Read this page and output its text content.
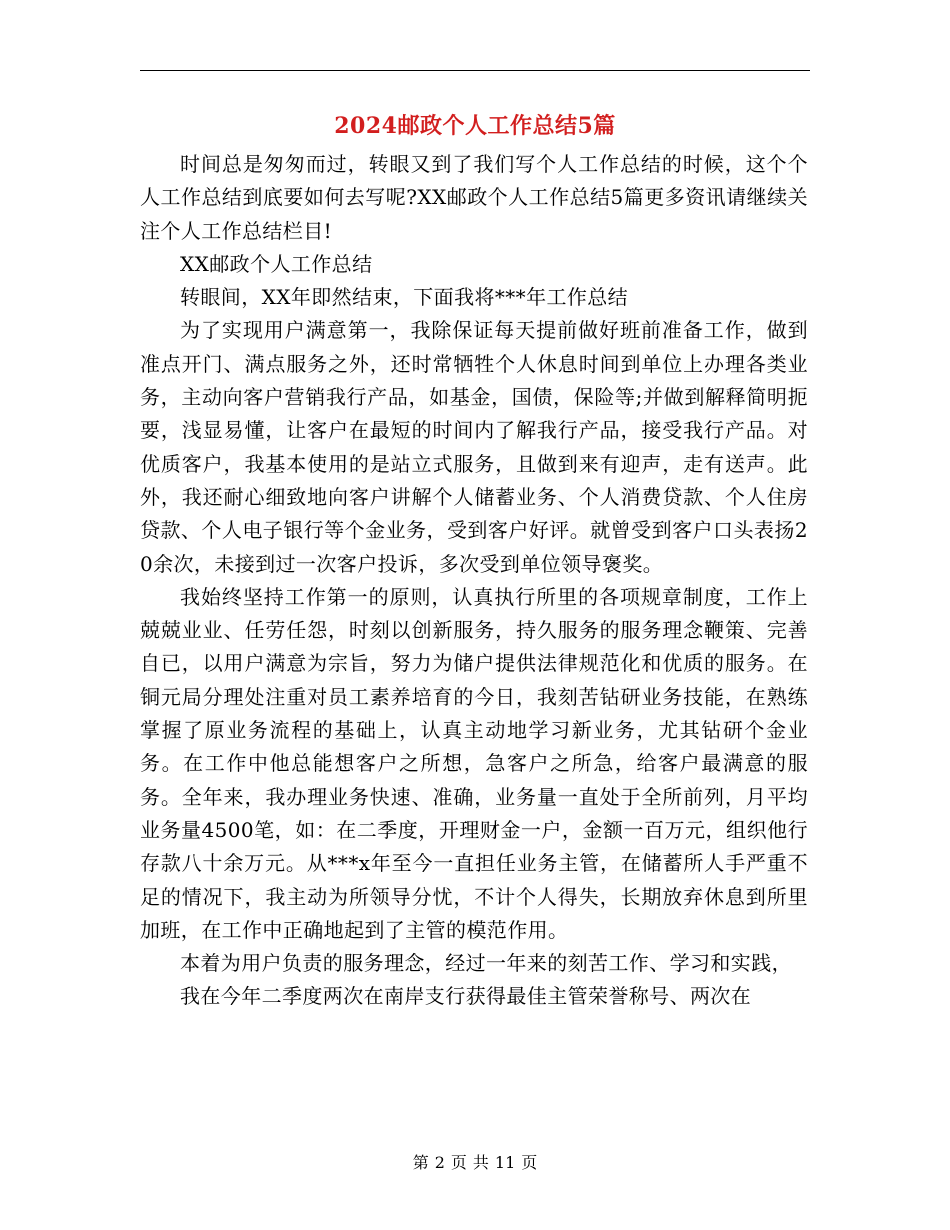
2024邮政个人工作总结5篇

时间总是匆匆而过，转眼又到了我们写个人工作总结的时候，这个个人工作总结到底要如何去写呢?XX邮政个人工作总结5篇更多资讯请继续关注个人工作总结栏目!

XX邮政个人工作总结

转眼间，XX年即然结束，下面我将***年工作总结

为了实现用户满意第一，我除保证每天提前做好班前准备工作，做到准点开门、满点服务之外，还时常牺牲个人休息时间到单位上办理各类业务，主动向客户营销我行产品，如基金，国债，保险等;并做到解释简明扼要，浅显易懂，让客户在最短的时间内了解我行产品，接受我行产品。对优质客户，我基本使用的是站立式服务，且做到来有迎声，走有送声。此外，我还耐心细致地向客户讲解个人储蓄业务、个人消费贷款、个人住房贷款、个人电子银行等个金业务，受到客户好评。就曾受到客户口头表扬20余次，未接到过一次客户投诉，多次受到单位领导褒奖。

我始终坚持工作第一的原则，认真执行所里的各项规章制度，工作上兢兢业业、任劳任怨，时刻以创新服务，持久服务的服务理念鞭策、完善自已，以用户满意为宗旨，努力为储户提供法律规范化和优质的服务。在铜元局分理处注重对员工素养培育的今日，我刻苦钻研业务技能，在熟练掌握了原业务流程的基础上，认真主动地学习新业务，尤其钻研个金业务。在工作中他总能想客户之所想，急客户之所急，给客户最满意的服务。全年来，我办理业务快速、准确，业务量一直处于全所前列，月平均业务量4500笔，如：在二季度，开理财金一户，金额一百万元，组织他行存款八十余万元。从***x年至今一直担任业务主管，在储蓄所人手严重不足的情况下，我主动为所领导分忧，不计个人得失，长期放弃休息到所里加班，在工作中正确地起到了主管的模范作用。

本着为用户负责的服务理念，经过一年来的刻苦工作、学习和实践，

我在今年二季度两次在南岸支行获得最佳主管荣誉称号、两次在

第 2 页 共 11 页
